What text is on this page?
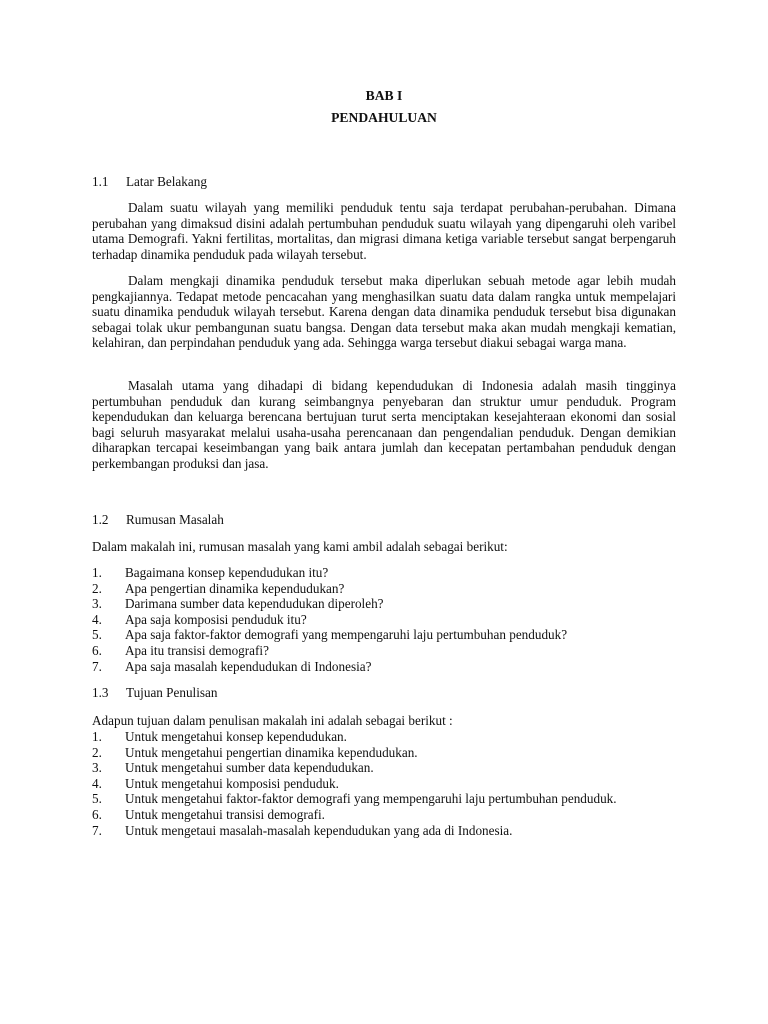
BAB I
PENDAHULUAN
1.1	Latar Belakang

Dalam suatu wilayah yang memiliki penduduk tentu saja terdapat perubahan-perubahan. Dimana perubahan yang dimaksud disini adalah pertumbuhan penduduk suatu wilayah yang dipengaruhi oleh varibel utama Demografi. Yakni fertilitas, mortalitas, dan migrasi dimana ketiga variable tersebut sangat berpengaruh terhadap dinamika penduduk pada wilayah tersebut.

Dalam mengkaji dinamika penduduk tersebut maka diperlukan sebuah metode agar lebih mudah pengkajiannya. Tedapat metode pencacahan yang menghasilkan suatu data dalam rangka untuk mempelajari suatu dinamika penduduk wilayah tersebut. Karena dengan data dinamika penduduk tersebut bisa digunakan sebagai tolak ukur pembangunan suatu bangsa. Dengan data tersebut maka akan mudah mengkaji kematian, kelahiran, dan perpindahan penduduk yang ada. Sehingga warga tersebut diakui sebagai warga mana.

Masalah utama yang dihadapi di bidang kependudukan di Indonesia adalah masih tingginya pertumbuhan penduduk dan kurang seimbangnya penyebaran dan struktur umur penduduk. Program kependudukan dan keluarga berencana bertujuan turut serta menciptakan kesejahteraan ekonomi dan sosial bagi seluruh masyarakat melalui usaha-usaha perencanaan dan pengendalian penduduk. Dengan demikian diharapkan tercapai keseimbangan yang baik antara jumlah dan kecepatan pertambahan penduduk dengan perkembangan produksi dan jasa.

1.2	Rumusan Masalah

Dalam makalah ini, rumusan masalah yang kami ambil adalah sebagai berikut:

1.	Bagaimana konsep kependudukan itu?
2.	Apa pengertian dinamika kependudukan?
3.	Darimana sumber data kependudukan diperoleh?
4.	Apa saja komposisi penduduk itu?
5.	Apa saja faktor-faktor demografi yang mempengaruhi laju pertumbuhan penduduk?
6.	Apa itu transisi demografi?
7.	Apa saja masalah kependudukan di Indonesia?
1.3	Tujuan Penulisan

Adapun tujuan dalam penulisan makalah ini adalah sebagai berikut :

1.	Untuk mengetahui konsep kependudukan.
2.	Untuk mengetahui pengertian dinamika kependudukan.
3.	Untuk mengetahui sumber data kependudukan.
4.	Untuk mengetahui komposisi penduduk.
5.	Untuk mengetahui faktor-faktor demografi yang mempengaruhi laju pertumbuhan penduduk.
6.	Untuk mengetahui transisi demografi.
7.	Untuk mengetaui masalah-masalah kependudukan yang ada di Indonesia.
